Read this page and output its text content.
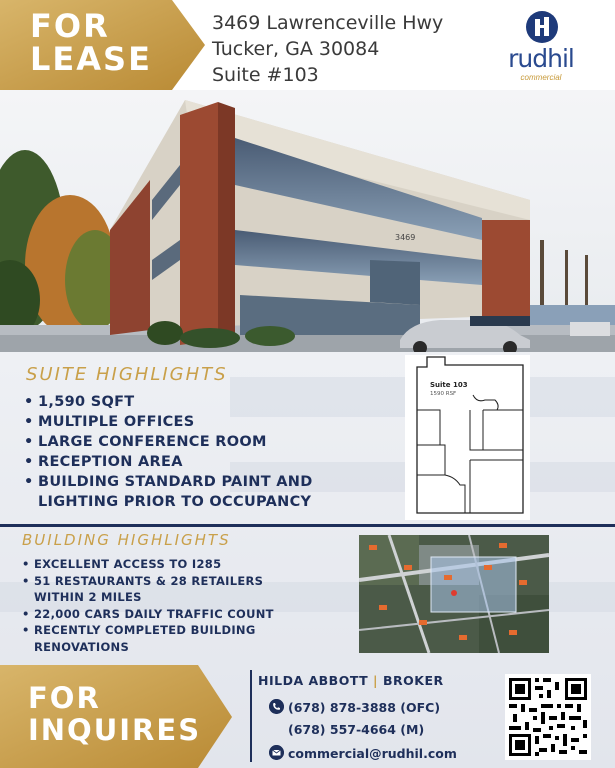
FOR
LEASE
3469 Lawrenceville Hwy
Tucker, GA 30084
Suite #103
rudhil
commercial
3469
SUITE HIGHLIGHTS
• 1,590 SQFT
• MULTIPLE OFFICES
• LARGE CONFERENCE ROOM
• RECEPTION AREA
• BUILDING STANDARD PAINT AND
LIGHTING PRIOR TO OCCUPANCY
Suite 103
1590 RSF
BUILDING HIGHLIGHTS
• EXCELLENT ACCESS TO I285
• 51 RESTAURANTS & 28 RETAILERS
WITHIN 2 MILES
• 22,000 CARS DAILY TRAFFIC COUNT
• RECENTLY COMPLETED BUILDING
RENOVATIONS
FOR
INQUIRES
HILDA ABBOTT | BROKER
(678) 878-3888 (OFC)
(678) 557-4664 (M)
commercial@rudhil.com
